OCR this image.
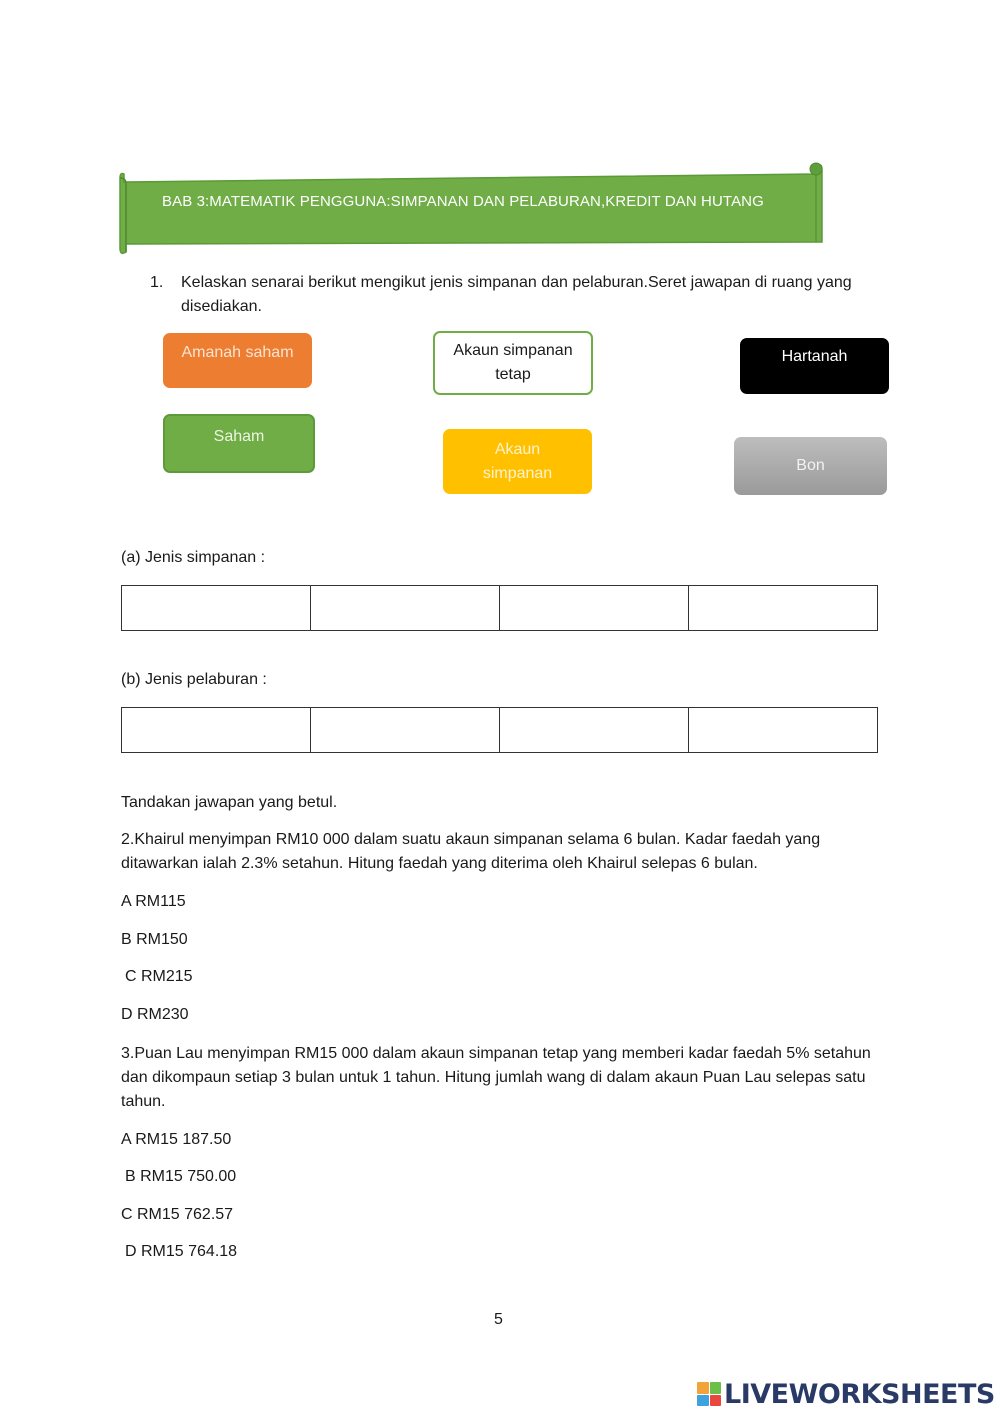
BAB 3:MATEMATIK PENGGUNA:SIMPANAN DAN PELABURAN,KREDIT DAN HUTANG
1. Kelaskan senarai berikut mengikut jenis simpanan dan pelaburan.Seret jawapan di ruang yang disediakan.
Amanah saham	Akaun simpanan tetap
Hartanah
Saham
Akaun simpanan	Bon
(a) Jenis simpanan :

(b) Jenis pelaburan :

Tandakan jawapan yang betul.
2.Khairul menyimpan RM10 000 dalam suatu akaun simpanan selama 6 bulan. Kadar faedah yang ditawarkan ialah 2.3% setahun. Hitung faedah yang diterima oleh Khairul selepas 6 bulan.
A RM115
B RM150
C RM215
D RM230
3.Puan Lau menyimpan RM15 000 dalam akaun simpanan tetap yang memberi kadar faedah 5% setahun dan dikompaun setiap 3 bulan untuk 1 tahun. Hitung jumlah wang di dalam akaun Puan Lau selepas satu tahun.
A RM15 187.50
B RM15 750.00
C RM15 762.57
D RM15 764.18
5
LIVEWORKSHEETS
